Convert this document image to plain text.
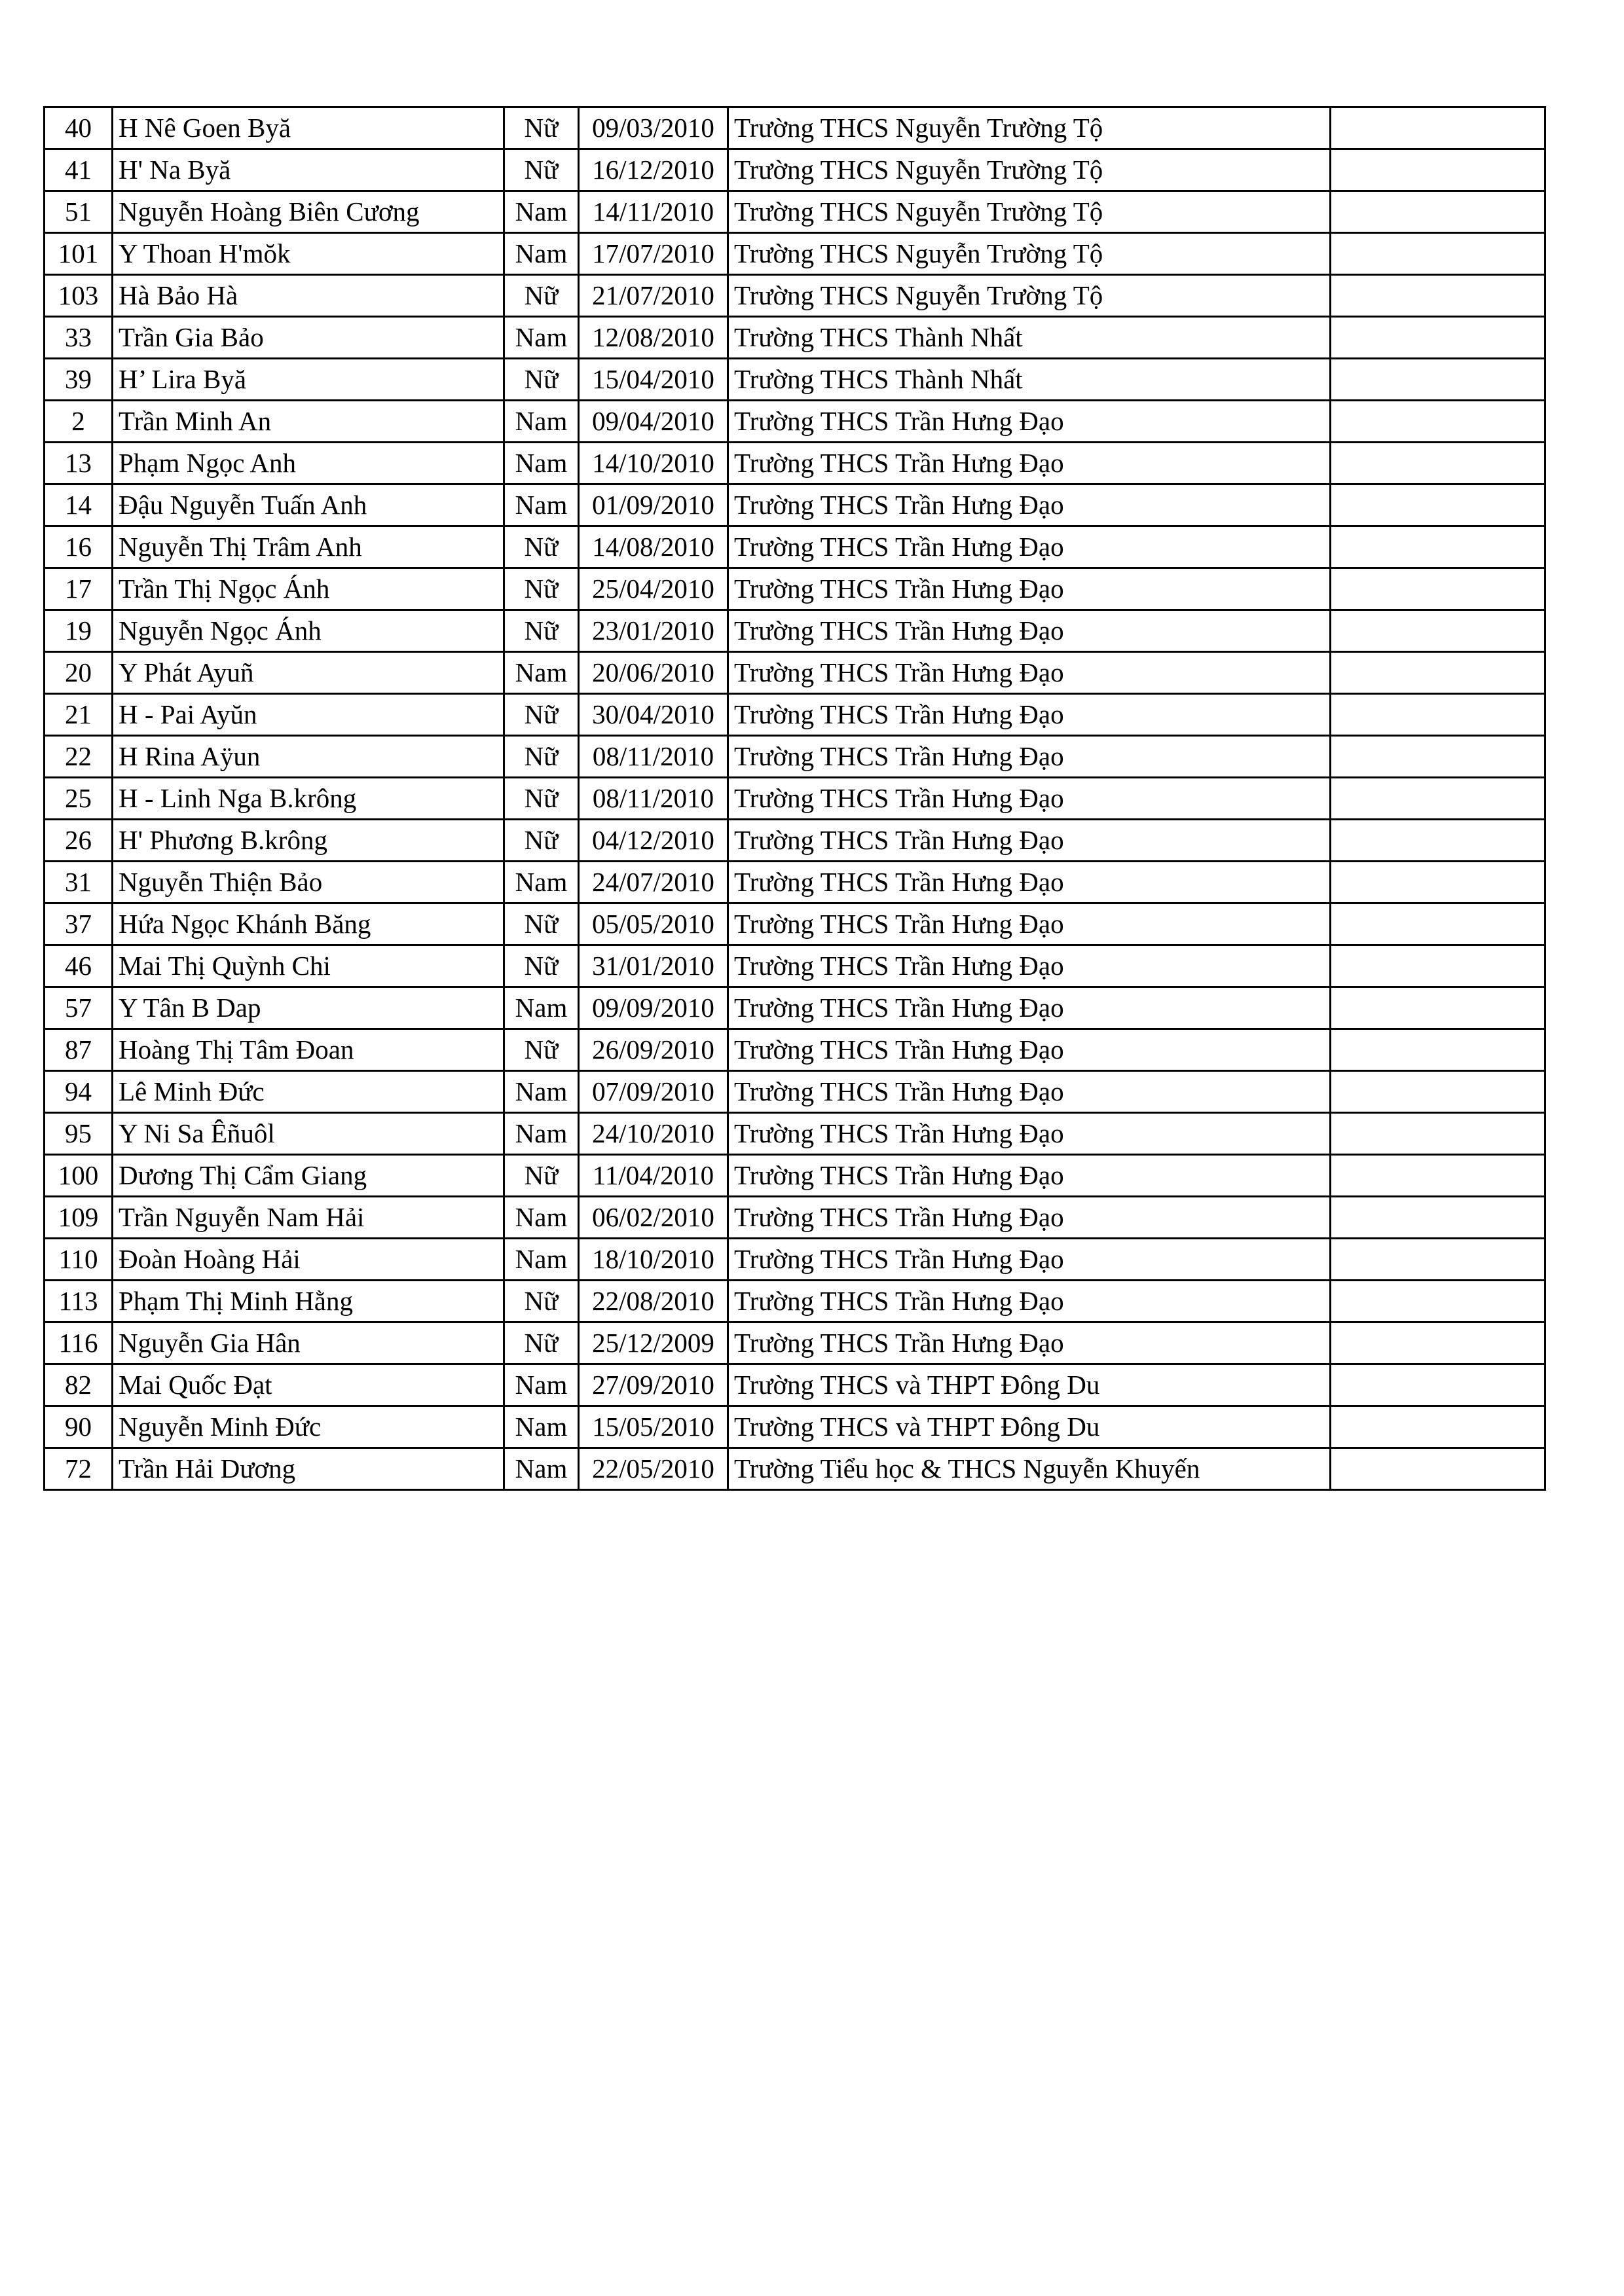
40	H Nê Goen Byă	Nữ	09/03/2010	Trường THCS Nguyễn Trường Tộ	
41	H' Na Byă	Nữ	16/12/2010	Trường THCS Nguyễn Trường Tộ	
51	Nguyễn Hoàng Biên Cương	Nam	14/11/2010	Trường THCS Nguyễn Trường Tộ	
101	Y Thoan H'mŏk	Nam	17/07/2010	Trường THCS Nguyễn Trường Tộ	
103	Hà Bảo Hà	Nữ	21/07/2010	Trường THCS Nguyễn Trường Tộ	
33	Trần Gia Bảo	Nam	12/08/2010	Trường THCS Thành Nhất	
39	H’ Lira Byă	Nữ	15/04/2010	Trường THCS Thành Nhất	
2	Trần Minh An	Nam	09/04/2010	Trường THCS Trần Hưng Đạo	
13	Phạm Ngọc Anh	Nam	14/10/2010	Trường THCS Trần Hưng Đạo	
14	Đậu Nguyễn Tuấn Anh	Nam	01/09/2010	Trường THCS Trần Hưng Đạo	
16	Nguyễn Thị Trâm Anh	Nữ	14/08/2010	Trường THCS Trần Hưng Đạo	
17	Trần Thị Ngọc Ánh	Nữ	25/04/2010	Trường THCS Trần Hưng Đạo	
19	Nguyễn Ngọc Ánh	Nữ	23/01/2010	Trường THCS Trần Hưng Đạo	
20	Y Phát Ayuñ	Nam	20/06/2010	Trường THCS Trần Hưng Đạo	
21	H - Pai Ayŭn	Nữ	30/04/2010	Trường THCS Trần Hưng Đạo	
22	H Rina Aÿun	Nữ	08/11/2010	Trường THCS Trần Hưng Đạo	
25	H - Linh Nga B.krông	Nữ	08/11/2010	Trường THCS Trần Hưng Đạo	
26	H' Phương B.krông	Nữ	04/12/2010	Trường THCS Trần Hưng Đạo	
31	Nguyễn Thiện Bảo	Nam	24/07/2010	Trường THCS Trần Hưng Đạo	
37	Hứa Ngọc Khánh Băng	Nữ	05/05/2010	Trường THCS Trần Hưng Đạo	
46	Mai Thị Quỳnh Chi	Nữ	31/01/2010	Trường THCS Trần Hưng Đạo	
57	Y Tân B Dap	Nam	09/09/2010	Trường THCS Trần Hưng Đạo	
87	Hoàng Thị Tâm Đoan	Nữ	26/09/2010	Trường THCS Trần Hưng Đạo	
94	Lê Minh Đức	Nam	07/09/2010	Trường THCS Trần Hưng Đạo	
95	Y Ni Sa Êñuôl	Nam	24/10/2010	Trường THCS Trần Hưng Đạo	
100	Dương Thị Cẩm Giang	Nữ	11/04/2010	Trường THCS Trần Hưng Đạo	
109	Trần Nguyễn Nam Hải	Nam	06/02/2010	Trường THCS Trần Hưng Đạo	
110	Đoàn Hoàng Hải	Nam	18/10/2010	Trường THCS Trần Hưng Đạo	
113	Phạm Thị Minh Hằng	Nữ	22/08/2010	Trường THCS Trần Hưng Đạo	
116	Nguyễn Gia Hân	Nữ	25/12/2009	Trường THCS Trần Hưng Đạo	
82	Mai Quốc Đạt	Nam	27/09/2010	Trường THCS và THPT Đông Du	
90	Nguyễn Minh Đức	Nam	15/05/2010	Trường THCS và THPT Đông Du	
72	Trần Hải Dương	Nam	22/05/2010	Trường Tiểu học & THCS Nguyễn Khuyến	
